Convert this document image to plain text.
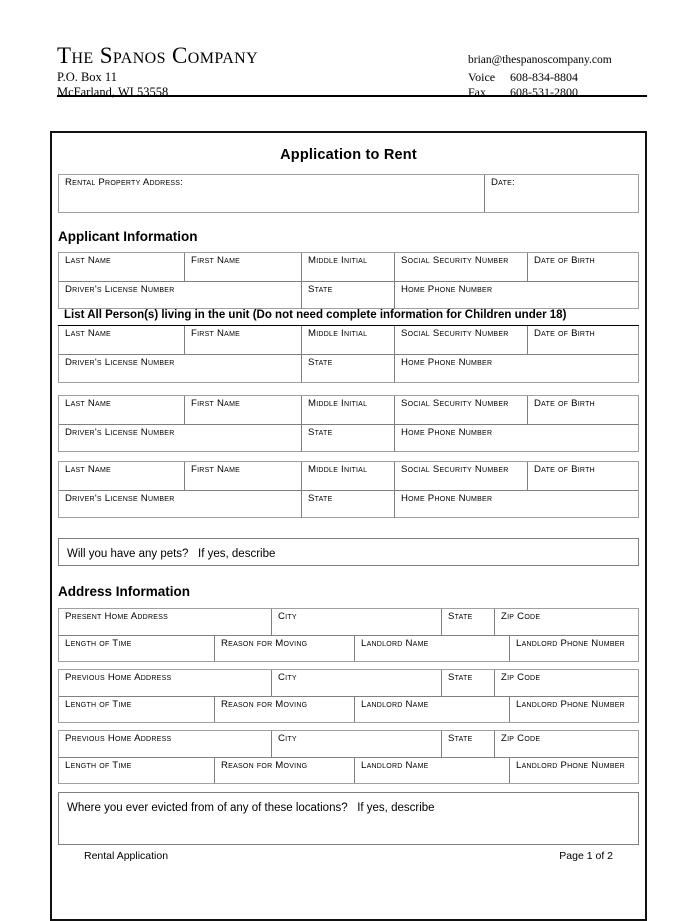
The Spanos Company
P.O. Box 11
McFarland, WI 53558
brian@thespanoscompany.com
Voice 608-834-8804
Fax 608-531-2800
Application to Rent
Rental Property Address:	Date:
Applicant Information
Last Name	First Name	Middle Initial	Social Security Number	Date of Birth
Driver's License Number	State	Home Phone Number
List All Person(s) living in the unit (Do not need complete information for Children under 18)
Last Name	First Name	Middle Initial	Social Security Number	Date of Birth
Driver's License Number	State	Home Phone Number
Last Name	First Name	Middle Initial	Social Security Number	Date of Birth
Driver's License Number	State	Home Phone Number
Last Name	First Name	Middle Initial	Social Security Number	Date of Birth
Driver's License Number	State	Home Phone Number
Will you have any pets?   If yes, describe
Address Information
Present Home Address	City	State	Zip Code
Length of Time	Reason for Moving	Landlord Name	Landlord Phone Number
Previous Home Address	City	State	Zip Code
Length of Time	Reason for Moving	Landlord Name	Landlord Phone Number
Previous Home Address	City	State	Zip Code
Length of Time	Reason for Moving	Landlord Name	Landlord Phone Number
Where you ever evicted from of any of these locations?   If yes, describe
Rental Application	Page 1 of 2
